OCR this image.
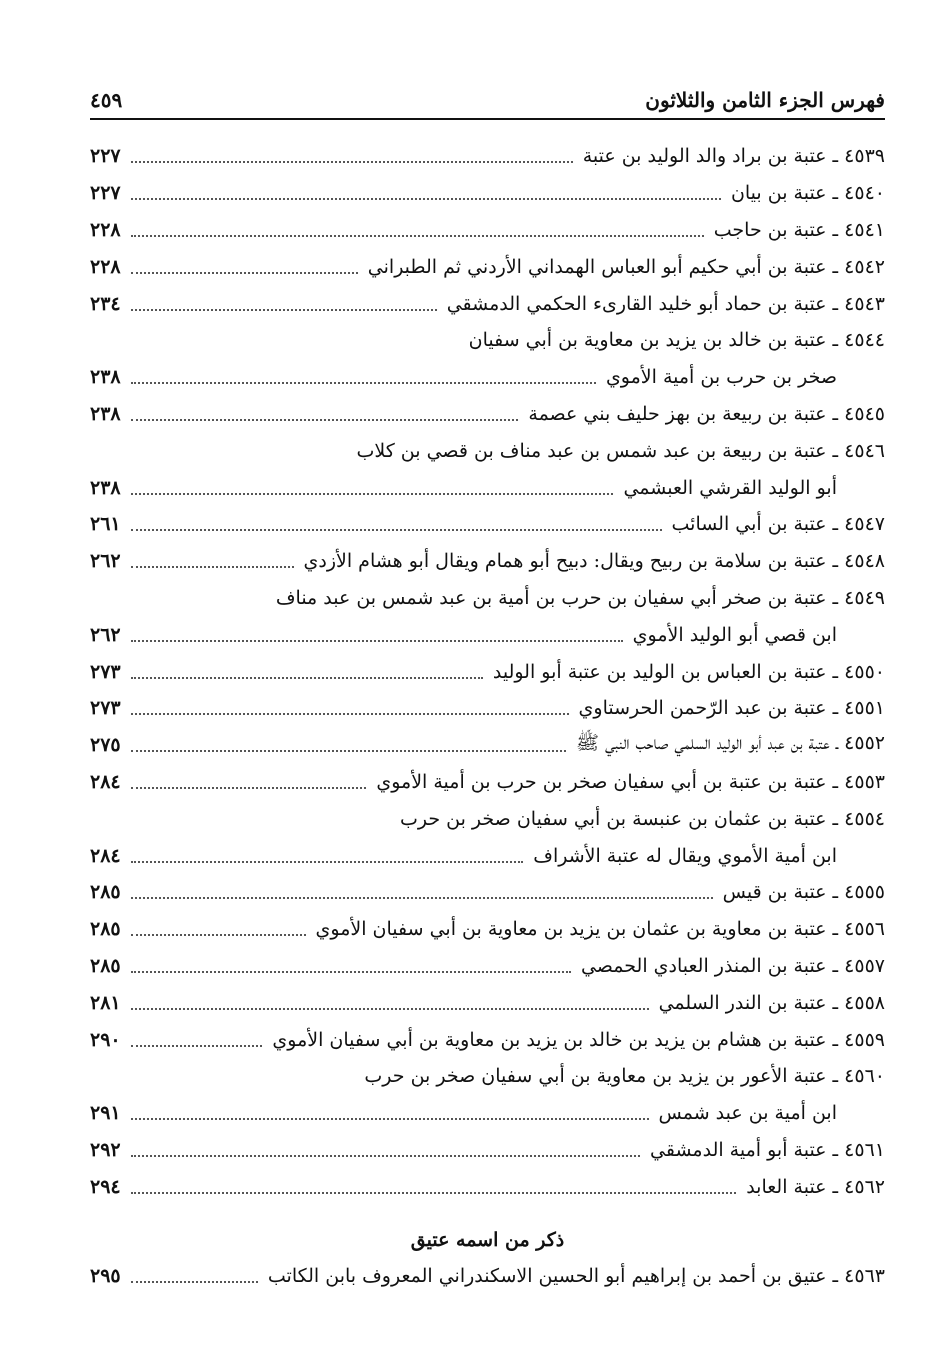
فهرس الجزء الثامن والثلاثون
٤٥٩
٤٥٣٩ ـ عتبة بن براد والد الوليد بن عتبة
٢٢٧
٤٥٤٠ ـ عتبة بن بيان
٢٢٧
٤٥٤١ ـ عتبة بن حاجب
٢٢٨
٤٥٤٢ ـ عتبة بن أبي حكيم أبو العباس الهمداني الأردني ثم الطبراني
٢٢٨
٤٥٤٣ ـ عتبة بن حماد أبو خليد القارىء الحكمي الدمشقي
٢٣٤
٤٥٤٤ ـ عتبة بن خالد بن يزيد بن معاوية بن أبي سفيان
صخر بن حرب بن أمية الأموي
٢٣٨
٤٥٤٥ ـ عتبة بن ربيعة بن بهز حليف بني عصمة
٢٣٨
٤٥٤٦ ـ عتبة بن ربيعة بن عبد شمس بن عبد مناف بن قصي بن كلاب
أبو الوليد القرشي العبشمي
٢٣٨
٤٥٤٧ ـ عتبة بن أبي السائب
٢٦١
٤٥٤٨ ـ عتبة بن سلامة بن ربيح ويقال: دبيح أبو همام ويقال أبو هشام الأزدي
٢٦٢
٤٥٤٩ ـ عتبة بن صخر أبي سفيان بن حرب بن أمية بن عبد شمس بن عبد مناف
ابن قصي أبو الوليد الأموي
٢٦٢
٤٥٥٠ ـ عتبة بن العباس بن الوليد بن عتبة أبو الوليد
٢٧٣
٤٥٥١ ـ عتبة بن عبد الرّحمن الحرستاوي
٢٧٣
٤٥٥٢ ـ عتبة بن عبد أبو الوليد السلمي صاحب النبي ﷺ
٢٧٥
٤٥٥٣ ـ عتبة بن عتبة بن أبي سفيان صخر بن حرب بن أمية الأموي
٢٨٤
٤٥٥٤ ـ عتبة بن عثمان بن عنبسة بن أبي سفيان صخر بن حرب
ابن أمية الأموي ويقال له عتبة الأشراف
٢٨٤
٤٥٥٥ ـ عتبة بن قيس
٢٨٥
٤٥٥٦ ـ عتبة بن معاوية بن عثمان بن يزيد بن معاوية بن أبي سفيان الأموي
٢٨٥
٤٥٥٧ ـ عتبة بن المنذر العبادي الحمصي
٢٨٥
٤٥٥٨ ـ عتبة بن الندر السلمي
٢٨١
٤٥٥٩ ـ عتبة بن هشام بن يزيد بن خالد بن يزيد بن معاوية بن أبي سفيان الأموي
٢٩٠
٤٥٦٠ ـ عتبة الأعور بن يزيد بن معاوية بن أبي سفيان صخر بن حرب
ابن أمية بن عبد شمس
٢٩١
٤٥٦١ ـ عتبة أبو أمية الدمشقي
٢٩٢
٤٥٦٢ ـ عتبة العابد
٢٩٤
ذكر من اسمه عتيق
٤٥٦٣ ـ عتيق بن أحمد بن إبراهيم أبو الحسين الاسكندراني المعروف بابن الكاتب
٢٩٥
